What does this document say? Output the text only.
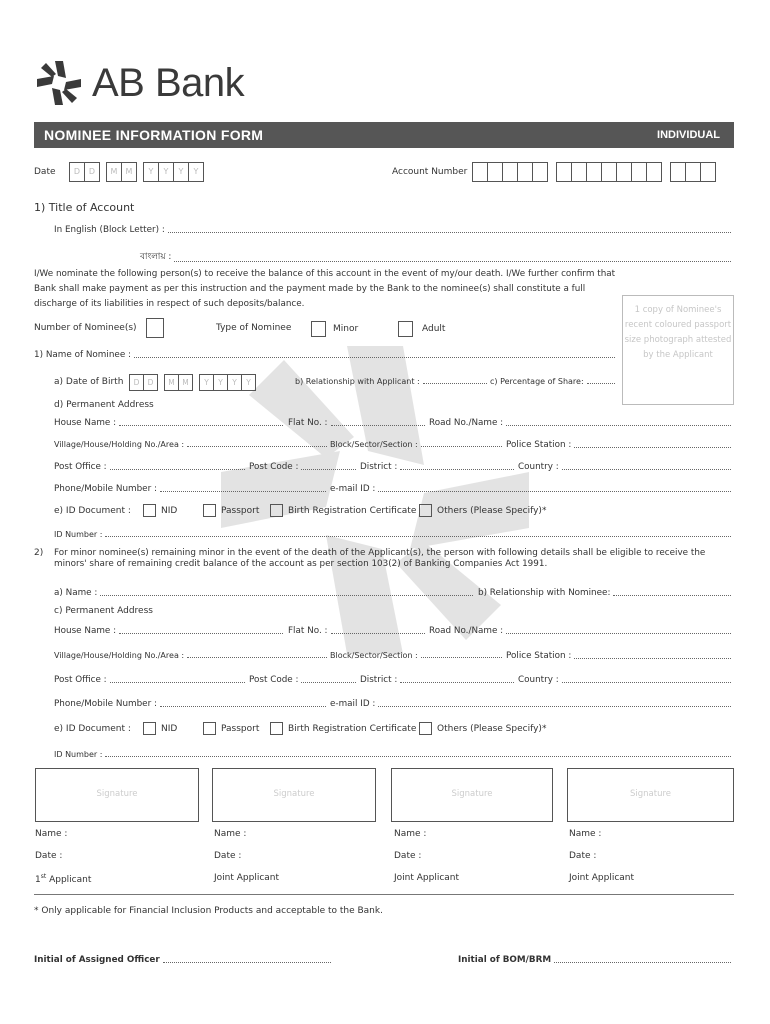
AB Bank
NOMINEE INFORMATION FORM	INDIVIDUAL
Date	D	D	M	M	Y	Y	Y	Y	Account Number
1) Title of Account
In English (Block Letter) :
বাংলায় :
I/We nominate the following person(s) to receive the balance of this account in the event of my/our death. I/We further confirm that Bank shall make payment as per this instruction and the payment made by the Bank to the nominee(s) shall constitute a full discharge of its liabilities in respect of such deposits/balance.
1 copy of Nominee's recent coloured passport size photograph attested by the Applicant
Number of Nominee(s)	Type of Nominee	Minor	Adult
1) Name of Nominee :
a) Date of Birth	D	D	M	M	Y	Y	Y	Y	b) Relationship with Applicant :	c) Percentage of Share:
d) Permanent Address
House Name :	Flat No. :	Road No./Name :
Village/House/Holding No./Area :	Block/Sector/Section :	Police Station :
Post Office :	Post Code :	District :	Country :
Phone/Mobile Number :	e-mail ID :
e) ID Document :	NID	Passport	Birth Registration Certificate Others (Please Specify)*
ID Number :
2) For minor nominee(s) remaining minor in the event of the death of the Applicant(s), the person with following details shall be eligible to receive the minors' share of remaining credit balance of the account as per section 103(2) of Banking Companies Act 1991.
a) Name :	b) Relationship with Nominee:
c) Permanent Address
House Name :	Flat No. :	Road No./Name :
Village/House/Holding No./Area :	Block/Sector/Section :	Police Station :
Post Office :	Post Code :	District :	Country :
Phone/Mobile Number :	e-mail ID :
e) ID Document :	NID	Passport	Birth Registration Certificate Others (Please Specify)*
ID Number :
Signature	Signature	Signature	Signature
Name :	Name :	Name :	Name :
Date :	Date :	Date :	Date :
1st Applicant	Joint Applicant	Joint Applicant	Joint Applicant
* Only applicable for Financial Inclusion Products and acceptable to the Bank.
Initial of Assigned Officer	Initial of BOM/BRM
